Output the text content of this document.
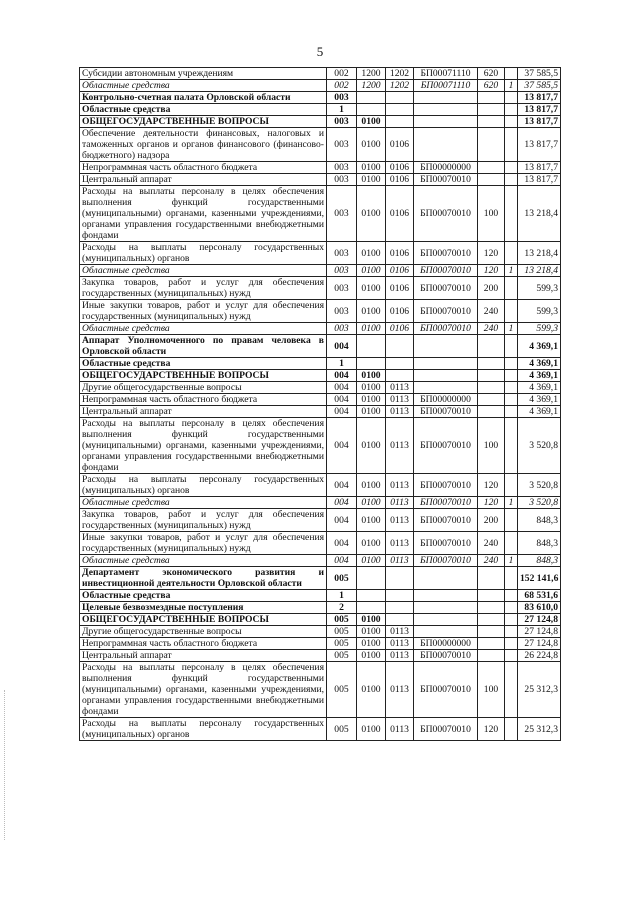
5
Субсидии автономным учреждениям	002	1200	1202	БП00071110	620		37 585,5
Областные средства	002	1200	1202	БП00071110	620	1	37 585,5
Контрольно-счетная палата Орловской области	003						13 817,7
Областные средства	1						13 817,7
ОБЩЕГОСУДАРСТВЕННЫЕ ВОПРОСЫ	003	0100					13 817,7
Обеспечение деятельности финансовых, налоговых и таможенных органов и органов финансового (финансово-бюджетного) надзора	003	0100	0106				13 817,7
Непрограммная часть областного бюджета	003	0100	0106	БП00000000			13 817,7
Центральный аппарат	003	0100	0106	БП00070010			13 817,7
Расходы на выплаты персоналу в целях обеспечения выполнения функций государственными (муниципальными) органами, казенными учреждениями, органами управления государственными внебюджетными фондами	003	0100	0106	БП00070010	100		13 218,4
Расходы на выплаты персоналу государственных (муниципальных) органов	003	0100	0106	БП00070010	120		13 218,4
Областные средства	003	0100	0106	БП00070010	120	1	13 218,4
Закупка товаров, работ и услуг для обеспечения государственных (муниципальных) нужд	003	0100	0106	БП00070010	200		599,3
Иные закупки товаров, работ и услуг для обеспечения государственных (муниципальных) нужд	003	0100	0106	БП00070010	240		599,3
Областные средства	003	0100	0106	БП00070010	240	1	599,3
Аппарат Уполномоченного по правам человека в Орловской области	004						4 369,1
Областные средства	1						4 369,1
ОБЩЕГОСУДАРСТВЕННЫЕ ВОПРОСЫ	004	0100					4 369,1
Другие общегосударственные вопросы	004	0100	0113				4 369,1
Непрограммная часть областного бюджета	004	0100	0113	БП00000000			4 369,1
Центральный аппарат	004	0100	0113	БП00070010			4 369,1
Расходы на выплаты персоналу в целях обеспечения выполнения функций государственными (муниципальными) органами, казенными учреждениями, органами управления государственными внебюджетными фондами	004	0100	0113	БП00070010	100		3 520,8
Расходы на выплаты персоналу государственных (муниципальных) органов	004	0100	0113	БП00070010	120		3 520,8
Областные средства	004	0100	0113	БП00070010	120	1	3 520,8
Закупка товаров, работ и услуг для обеспечения государственных (муниципальных) нужд	004	0100	0113	БП00070010	200		848,3
Иные закупки товаров, работ и услуг для обеспечения государственных (муниципальных) нужд	004	0100	0113	БП00070010	240		848,3
Областные средства	004	0100	0113	БП00070010	240	1	848,3
Департамент экономического развития и инвестиционной деятельности Орловской области	005						152 141,6
Областные средства	1						68 531,6
Целевые безвозмездные поступления	2						83 610,0
ОБЩЕГОСУДАРСТВЕННЫЕ ВОПРОСЫ	005	0100					27 124,8
Другие общегосударственные вопросы	005	0100	0113				27 124,8
Непрограммная часть областного бюджета	005	0100	0113	БП00000000			27 124,8
Центральный аппарат	005	0100	0113	БП00070010			26 224,8
Расходы на выплаты персоналу в целях обеспечения выполнения функций государственными (муниципальными) органами, казенными учреждениями, органами управления государственными внебюджетными фондами	005	0100	0113	БП00070010	100		25 312,3
Расходы на выплаты персоналу государственных (муниципальных) органов	005	0100	0113	БП00070010	120		25 312,3
